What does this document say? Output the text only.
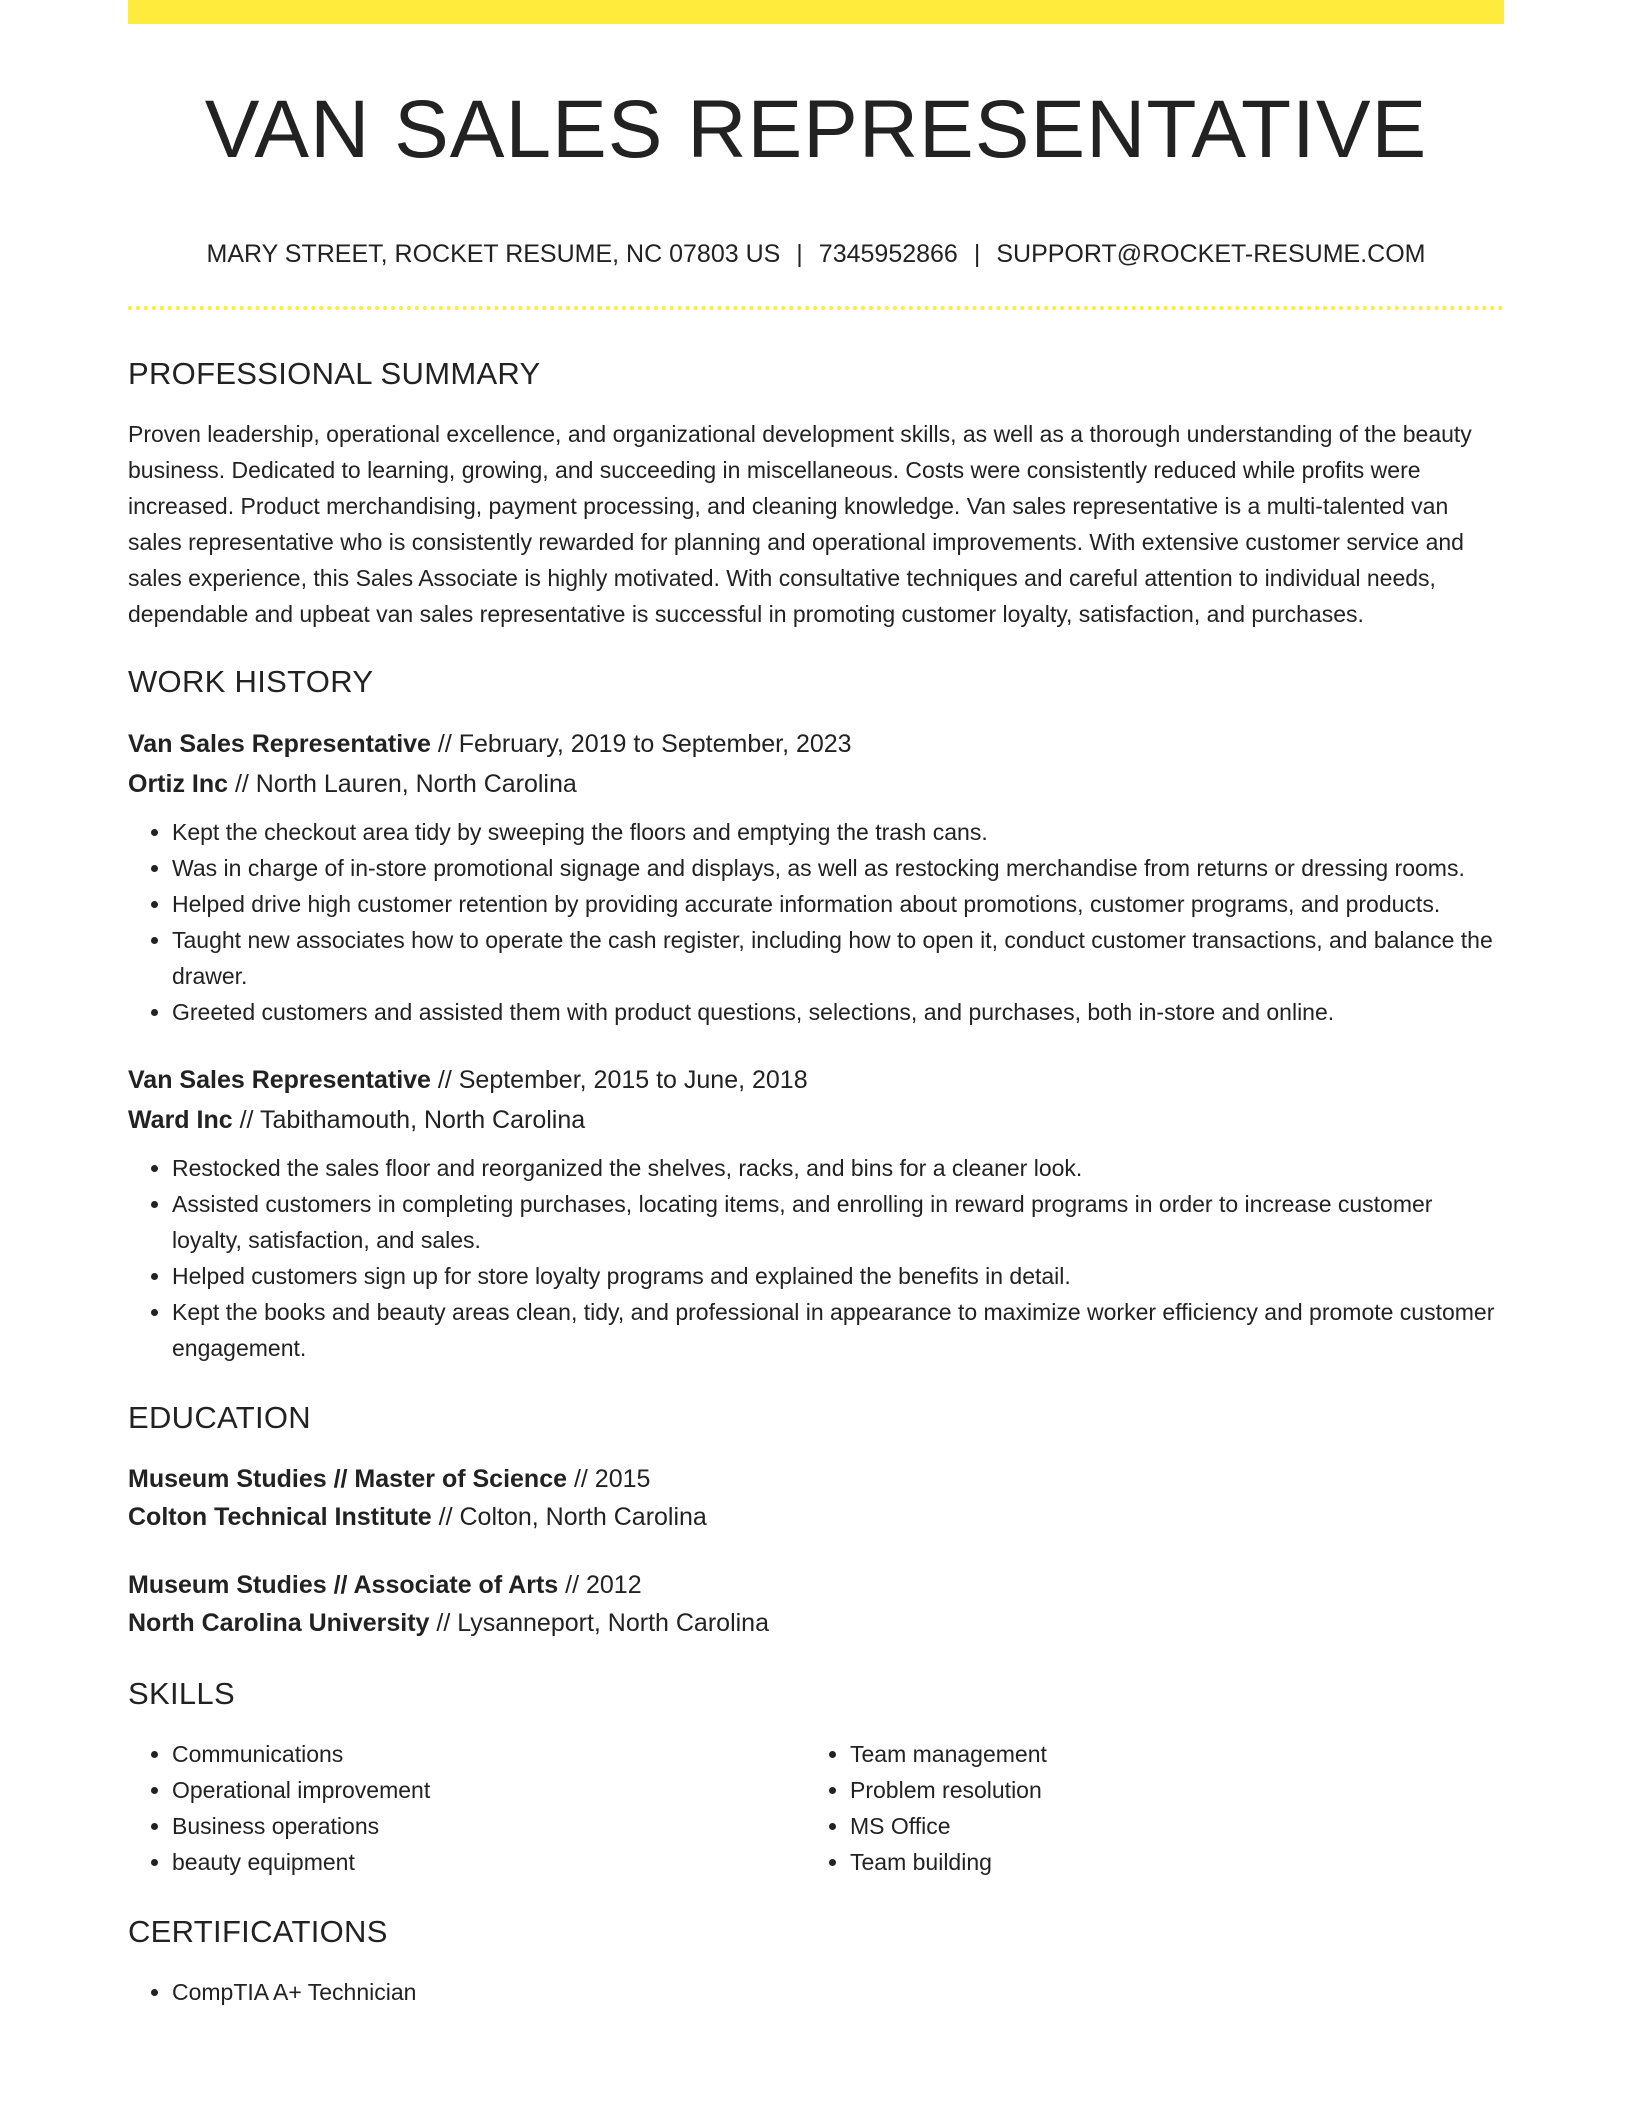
VAN SALES REPRESENTATIVE
MARY STREET, ROCKET RESUME, NC 07803 US | 7345952866 | SUPPORT@ROCKET-RESUME.COM
PROFESSIONAL SUMMARY

Proven leadership, operational excellence, and organizational development skills, as well as a thorough understanding of the beauty business. Dedicated to learning, growing, and succeeding in miscellaneous. Costs were consistently reduced while profits were increased. Product merchandising, payment processing, and cleaning knowledge. Van sales representative is a multi-talented van sales representative who is consistently rewarded for planning and operational improvements. With extensive customer service and sales experience, this Sales Associate is highly motivated. With consultative techniques and careful attention to individual needs, dependable and upbeat van sales representative is successful in promoting customer loyalty, satisfaction, and purchases.

WORK HISTORY
Van Sales Representative // February, 2019 to September, 2023
Ortiz Inc // North Lauren, North Carolina
• Kept the checkout area tidy by sweeping the floors and emptying the trash cans.
• Was in charge of in-store promotional signage and displays, as well as restocking merchandise from returns or dressing rooms.
• Helped drive high customer retention by providing accurate information about promotions, customer programs, and products.
• Taught new associates how to operate the cash register, including how to open it, conduct customer transactions, and balance the drawer.
• Greeted customers and assisted them with product questions, selections, and purchases, both in-store and online.
Van Sales Representative // September, 2015 to June, 2018
Ward Inc // Tabithamouth, North Carolina
• Restocked the sales floor and reorganized the shelves, racks, and bins for a cleaner look.
• Assisted customers in completing purchases, locating items, and enrolling in reward programs in order to increase customer loyalty, satisfaction, and sales.
• Helped customers sign up for store loyalty programs and explained the benefits in detail.
• Kept the books and beauty areas clean, tidy, and professional in appearance to maximize worker efficiency and promote customer engagement.
EDUCATION
Museum Studies // Master of Science // 2015
Colton Technical Institute // Colton, North Carolina
Museum Studies // Associate of Arts // 2012
North Carolina University // Lysanneport, North Carolina
SKILLS
• Communications
• Operational improvement
• Business operations
• beauty equipment
• Team management
• Problem resolution
• MS Office
• Team building
CERTIFICATIONS
• CompTIA A+ Technician
